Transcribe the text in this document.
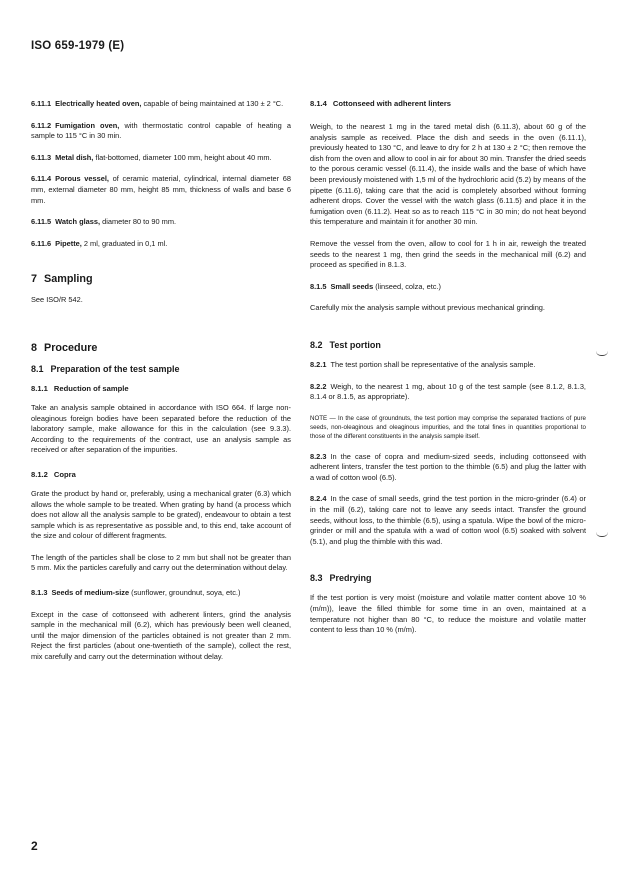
ISO 659-1979 (E)

6.11.1 Electrically heated oven, capable of being maintained at 130 ± 2 °C.

6.11.2 Fumigation oven, with thermostatic control capable of heating a sample to 115 °C in 30 min.

6.11.3 Metal dish, flat-bottomed, diameter 100 mm, height about 40 mm.

6.11.4 Porous vessel, of ceramic material, cylindrical, internal diameter 68 mm, external diameter 80 mm, height 85 mm, thickness of walls and base 6 mm.

6.11.5 Watch glass, diameter 80 to 90 mm.

6.11.6 Pipette, 2 ml, graduated in 0,1 ml.

7 Sampling

See ISO/R 542.

8 Procedure
8.1 Preparation of the test sample
8.1.1 Reduction of sample

Take an analysis sample obtained in accordance with ISO 664. If large non-oleaginous foreign bodies have been separated before the reduction of the laboratory sample, make allowance for this in the calculation (see 9.3.3). According to the requirements of the contract, use an analysis sample as received or after separation of the impurities.

8.1.2 Copra

Grate the product by hand or, preferably, using a mechanical grater (6.3) which allows the whole sample to be treated. When grating by hand (a process which does not allow all the analysis sample to be grated), endeavour to obtain a test sample which is as representative as possible and, to this end, take account of the size and colour of different fragments.

The length of the particles shall be close to 2 mm but shall not be greater than 5 mm. Mix the particles carefully and carry out the determination without delay.

8.1.3 Seeds of medium-size (sunflower, groundnut, soya, etc.)

Except in the case of cottonseed with adherent linters, grind the analysis sample in the mechanical mill (6.2), which has previously been well cleaned, until the major dimension of the particles obtained is not greater than 2 mm. Reject the first particles (about one-twentieth of the sample), collect the rest, mix carefully and carry out the determination without delay.

8.1.4 Cottonseed with adherent linters

Weigh, to the nearest 1 mg in the tared metal dish (6.11.3), about 60 g of the analysis sample as received. Place the dish and seeds in the oven (6.11.1), previously heated to 130 °C, and leave to dry for 2 h at 130 ± 2 °C; then remove the dish from the oven and allow to cool in air for about 30 min. Transfer the dried seeds to the porous ceramic vessel (6.11.4), the inside walls and the base of which have been previously moistened with 1,5 ml of the hydrochloric acid (5.2) by means of the pipette (6.11.6), taking care that the acid is completely absorbed without forming adherent drops. Cover the vessel with the watch glass (6.11.5) and place it in the fumigation oven (6.11.2). Heat so as to reach 115 °C in 30 min; do not heat beyond this temperature and maintain it for another 30 min.

Remove the vessel from the oven, allow to cool for 1 h in air, reweigh the treated seeds to the nearest 1 mg, then grind the seeds in the mechanical mill (6.2) and proceed as specified in 8.1.3.

8.1.5 Small seeds (linseed, colza, etc.)

Carefully mix the analysis sample without previous mechanical grinding.

8.2 Test portion

8.2.1 The test portion shall be representative of the analysis sample.

8.2.2 Weigh, to the nearest 1 mg, about 10 g of the test sample (see 8.1.2, 8.1.3, 8.1.4 or 8.1.5, as appropriate).

NOTE — In the case of groundnuts, the test portion may comprise the separated fractions of pure seeds, non-oleaginous and oleaginous impurities, and the total fines in quantities proportional to those of the different constituents in the analysis sample itself.

8.2.3 In the case of copra and medium-sized seeds, including cottonseed with adherent linters, transfer the test portion to the thimble (6.5) and plug the latter with a wad of cotton wool (6.5).

8.2.4 In the case of small seeds, grind the test portion in the micro-grinder (6.4) or in the mill (6.2), taking care not to leave any seeds intact. Transfer the ground seeds, without loss, to the thimble (6.5), using a spatula. Wipe the bowl of the micro-grinder or mill and the spatula with a wad of cotton wool (6.5) soaked with solvent (5.1), and plug the thimble with this wad.

8.3 Predrying

If the test portion is very moist (moisture and volatile matter content above 10 % (m/m)), leave the filled thimble for some time in an oven, maintained at a temperature not higher than 80 °C, to reduce the moisture and volatile matter content to less than 10 % (m/m).

2
